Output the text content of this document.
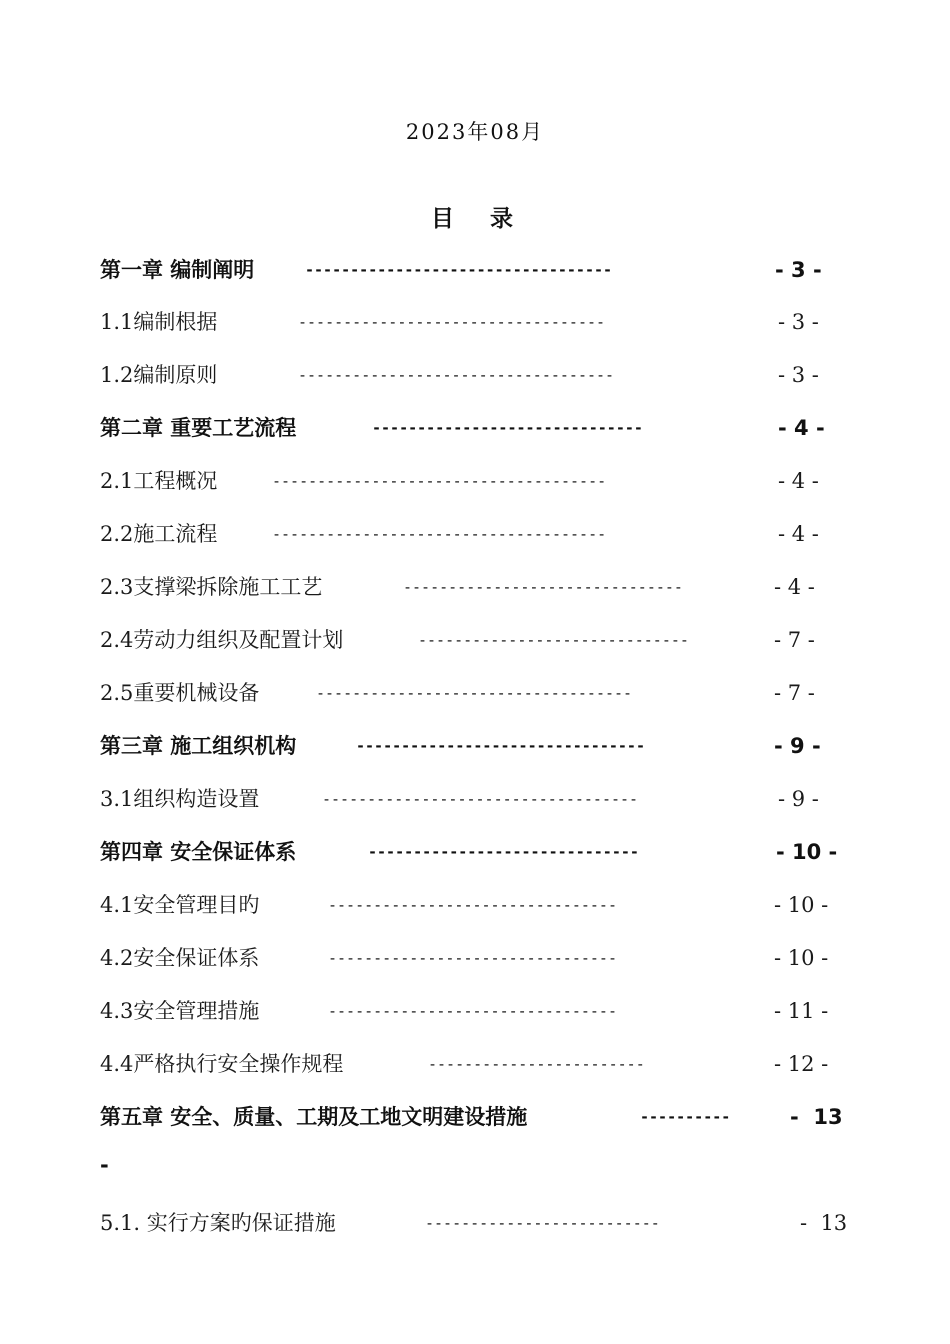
2023年08月
目 录
第一章 编制阐明	----------------------------------	- 3 -
1.1编制根据	----------------------------------	- 3 -
1.2编制原则	-----------------------------------	- 3 -
第二章 重要工艺流程	------------------------------	- 4 -
2.1工程概况	-------------------------------------	- 4 -
2.2施工流程	-------------------------------------	- 4 -
2.3支撑梁拆除施工工艺	-------------------------------	- 4 -
2.4劳动力组织及配置计划	------------------------------	- 7 -
2.5重要机械设备	-----------------------------------	- 7 -
第三章 施工组织机构	--------------------------------	- 9 -
3.1组织构造设置	-----------------------------------	- 9 -
第四章 安全保证体系	------------------------------	- 10 -
4.1安全管理目旳	--------------------------------	- 10 -
4.2安全保证体系	--------------------------------	- 10 -
4.3安全管理措施	--------------------------------	- 11 -
4.4严格执行安全操作规程	------------------------	- 12 -
第五章 安全、质量、工期及工地文明建设措施	----------	-  13
-
5.1. 实行方案旳保证措施	--------------------------	-  13
